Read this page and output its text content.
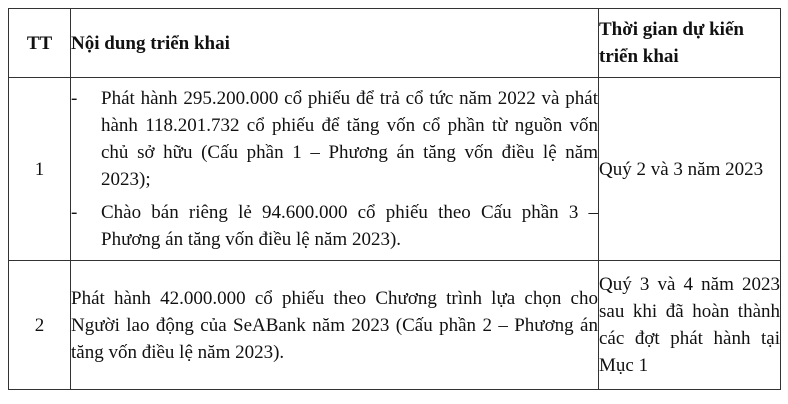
TT	Nội dung triển khai	Thời gian dự kiến triển khai
1	- Phát hành 295.200.000 cổ phiếu để trả cổ tức năm 2022 và phát hành 118.201.732 cổ phiếu để tăng vốn cổ phần từ nguồn vốn chủ sở hữu (Cấu phần 1 – Phương án tăng vốn điều lệ năm 2023);
- Chào bán riêng lẻ 94.600.000 cổ phiếu theo Cấu phần 3 – Phương án tăng vốn điều lệ năm 2023).	Quý 2 và 3 năm 2023

2	Phát hành 42.000.000 cổ phiếu theo Chương trình lựa chọn cho Người lao động của SeABank năm 2023 (Cấu phần 2 – Phương án tăng vốn điều lệ năm 2023).	Quý 3 và 4 năm 2023 sau khi đã hoàn thành các đợt phát hành tại Mục 1
